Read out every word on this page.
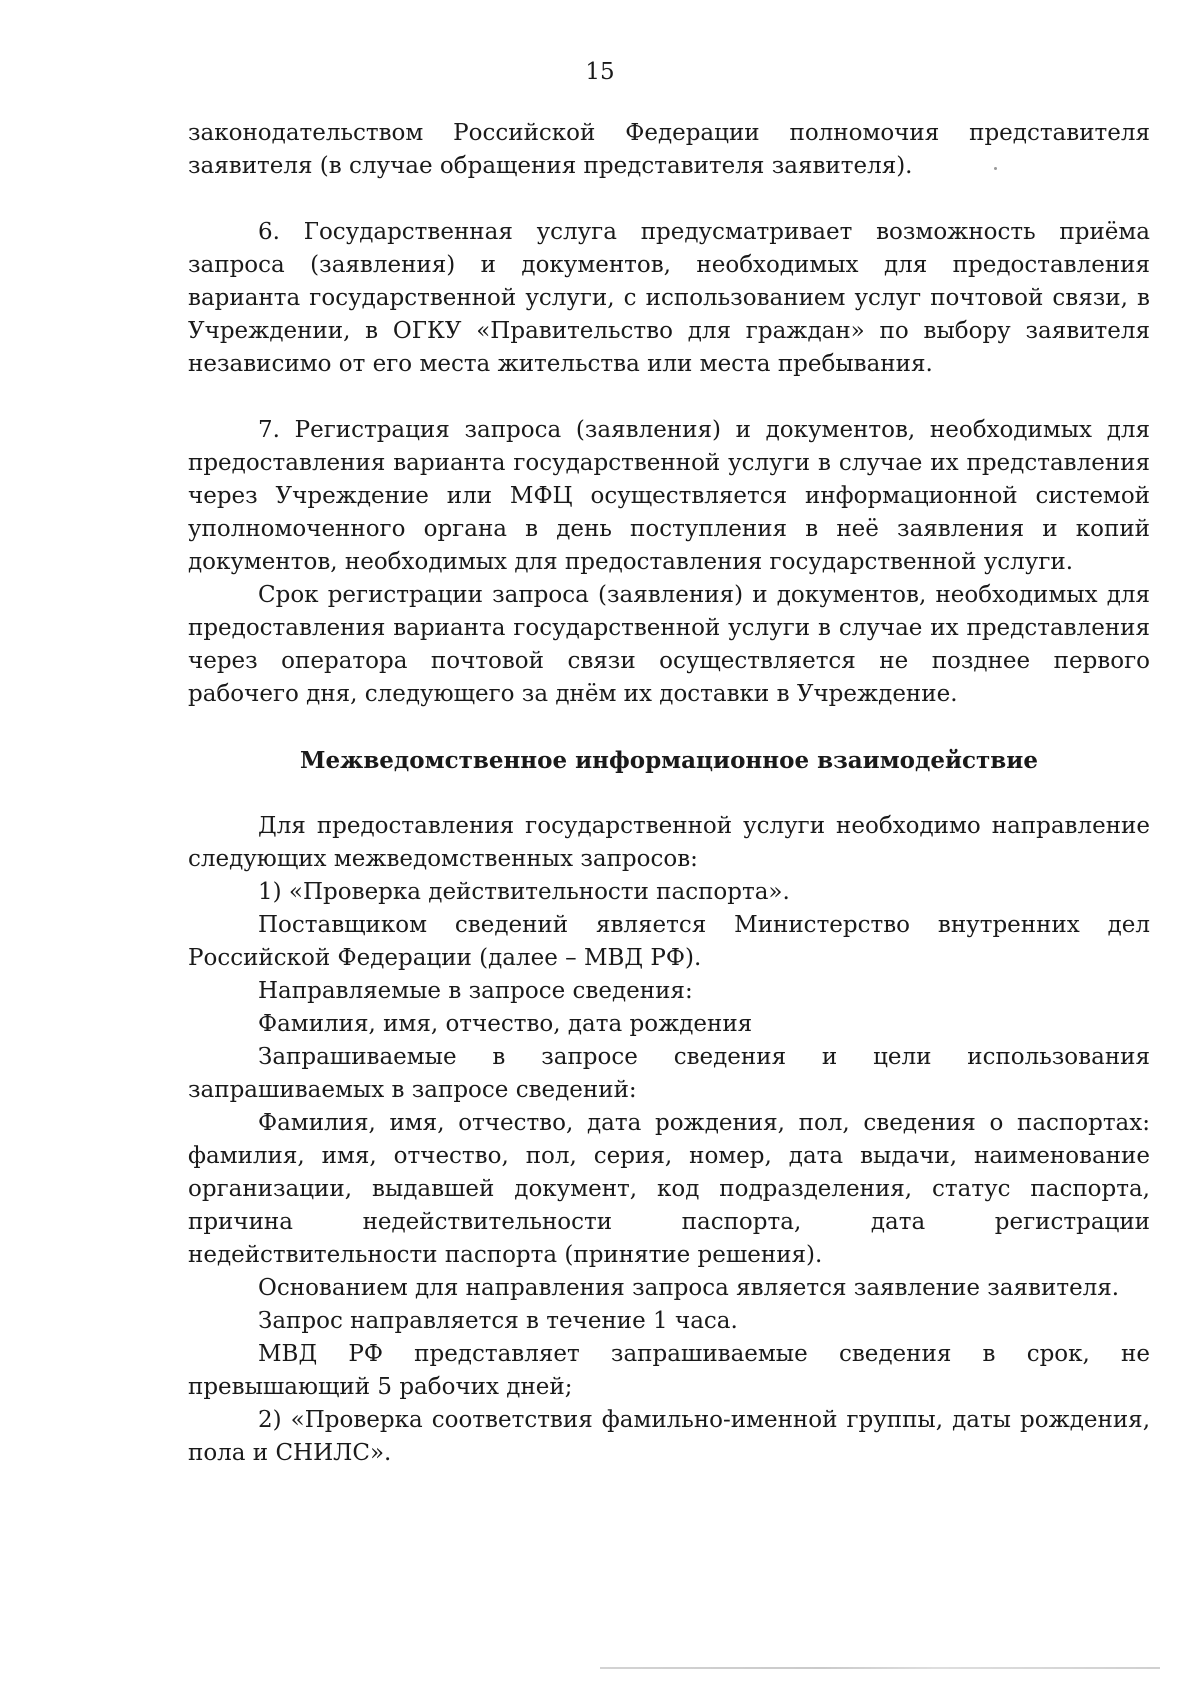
15

законодательством Российской Федерации полномочия представителя заявителя (в случае обращения представителя заявителя).

6. Государственная услуга предусматривает возможность приёма запроса (заявления) и документов, необходимых для предоставления варианта государственной услуги, с использованием услуг почтовой связи, в Учреждении, в ОГКУ «Правительство для граждан» по выбору заявителя независимо от его места жительства или места пребывания.

7. Регистрация запроса (заявления) и документов, необходимых для предоставления варианта государственной услуги в случае их представления через Учреждение или МФЦ осуществляется информационной системой уполномоченного органа в день поступления в неё заявления и копий документов, необходимых для предоставления государственной услуги.

Срок регистрации запроса (заявления) и документов, необходимых для предоставления варианта государственной услуги в случае их представления через оператора почтовой связи осуществляется не позднее первого рабочего дня, следующего за днём их доставки в Учреждение.

Межведомственное информационное взаимодействие

Для предоставления государственной услуги необходимо направление следующих межведомственных запросов:

1) «Проверка действительности паспорта».

Поставщиком сведений является Министерство внутренних дел Российской Федерации (далее – МВД РФ).

Направляемые в запросе сведения:

Фамилия, имя, отчество, дата рождения

Запрашиваемые в запросе сведения и цели использования запрашиваемых в запросе сведений:

Фамилия, имя, отчество, дата рождения, пол, сведения о паспортах: фамилия, имя, отчество, пол, серия, номер, дата выдачи, наименование организации, выдавшей документ, код подразделения, статус паспорта, причина недействительности паспорта, дата регистрации недействительности паспорта (принятие решения).

Основанием для направления запроса является заявление заявителя.

Запрос направляется в течение 1 часа.

МВД РФ представляет запрашиваемые сведения в срок, не превышающий 5 рабочих дней;

2) «Проверка соответствия фамильно-именной группы, даты рождения, пола и СНИЛС».
